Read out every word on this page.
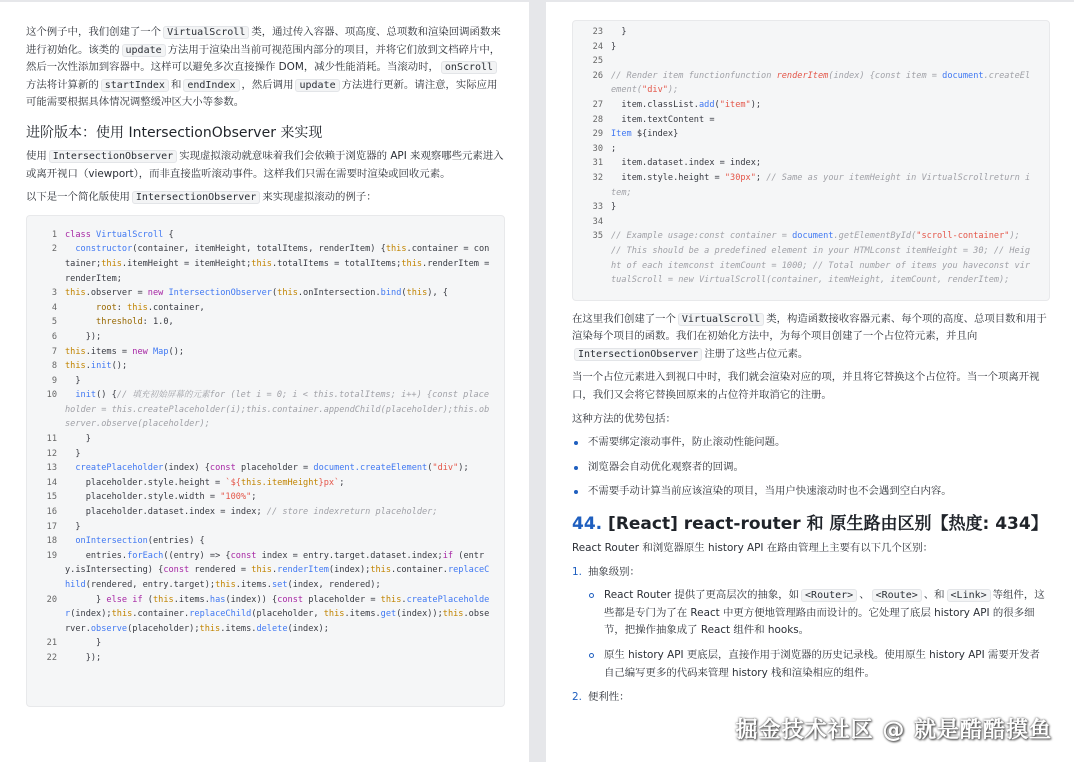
这个例子中，我们创建了一个 VirtualScroll 类，通过传入容器、项高度、总项数和渲染回调函数来进行初始化。该类的 update 方法用于渲染出当前可视范围内部分的项目，并将它们放到文档碎片中，然后一次性添加到容器中。这样可以避免多次直接操作 DOM，减少性能消耗。当滚动时， onScroll方法将计算新的 startIndex 和 endIndex ，然后调用 update 方法进行更新。请注意，实际应用可能需要根据具体情况调整缓冲区大小等参数。

进阶版本：使用 IntersectionObserver 来实现

使用 IntersectionObserver 实现虚拟滚动就意味着我们会依赖于浏览器的 API 来观察哪些元素进入或离开视口（viewport），而非直接监听滚动事件。这样我们只需在需要时渲染或回收元素。

以下是一个简化版使用 IntersectionObserver 来实现虚拟滚动的例子：

1 class VirtualScroll {
2	constructor(container, itemHeight, totalItems, renderItem) {this.container = container;this.itemHeight = itemHeight;this.totalItems = totalItems;this.renderItem = renderItem;
3 this.observer = new IntersectionObserver(this.onIntersection.bind(this), {
4	root: this.container,
5	threshold: 1.0,
6 });
7 this.items = new Map();
8 this.init();
9 }
10	init() {// 填充初始屏幕的元素for (let i = 0; i < this.totalItems; i++) {const placeholder = this.createPlaceholder(i);this.container.appendChild(placeholder);this.observer.observe(placeholder);
11 }
12 }
13	createPlaceholder(index) {const placeholder = document.createElement("div");
14 placeholder.style.height = `${this.itemHeight}px`;
15 placeholder.style.width = "100%";
16 placeholder.dataset.index = index; // store indexreturn placeholder;
17 }
18	onIntersection(entries) {
19 entries.forEach((entry) => {const index = entry.target.dataset.index;if (entry.isIntersecting) {const rendered = this.renderItem(index);this.container.replaceChild(rendered, entry.target);this.items.set(index, rendered);
20 } else if (this.items.has(index)) {const placeholder = this.createPlaceholder(index);this.container.replaceChild(placeholder, this.items.get(index));this.observer.observe(placeholder);this.items.delete(index);
21 }
22 });
23 }
24 }
25

26 // Render item functionfunction renderItem(index) {const item = document.createElement("div");
27 item.classList.add("item");
28 item.textContent =
29 Item ${index}
30 ;
31 item.dataset.index = index;
32 item.style.height = "30px"; // Same as your itemHeight in VirtualScrollreturn item;
33 }
34

35 // Example usage:const container = document.getElementById("scroll-container"); // This should be a predefined element in your HTMLconst itemHeight = 30; // Height of each itemconst itemCount = 1000; // Total number of items you haveconst virtualScroll = new VirtualScroll(container, itemHeight, itemCount, renderItem);

在这里我们创建了一个 VirtualScroll 类，构造函数接收容器元素、每个项的高度、总项目数和用于渲染每个项目的函数。我们在初始化方法中，为每个项目创建了一个占位符元素，并且向IntersectionObserver 注册了这些占位元素。

当一个占位元素进入到视口中时，我们就会渲染对应的项，并且将它替换这个占位符。当一个项离开视口，我们又会将它替换回原来的占位符并取消它的注册。

这种方法的优势包括：

不需要绑定滚动事件，防止滚动性能问题。
浏览器会自动优化观察者的回调。
不需要手动计算当前应该渲染的项目，当用户快速滚动时也不会遇到空白内容。
44. [React] react-router 和 原生路由区别【热度: 434】

React Router 和浏览器原生 history API 在路由管理上主要有以下几个区别：

1. 抽象级别：
React Router 提供了更高层次的抽象，如 <Router> 、 <Route> 、和 <Link> 等组件，这些都是专门为了在 React 中更方便地管理路由而设计的。它处理了底层 history API 的很多细节，把操作抽象成了 React 组件和 hooks。
原生 history API 更底层，直接作用于浏览器的历史记录栈。使用原生 history API 需要开发者自己编写更多的代码来管理 history 栈和渲染相应的组件。
2. 便利性：
掘金技术社区 @ 就是酷酷摸鱼
